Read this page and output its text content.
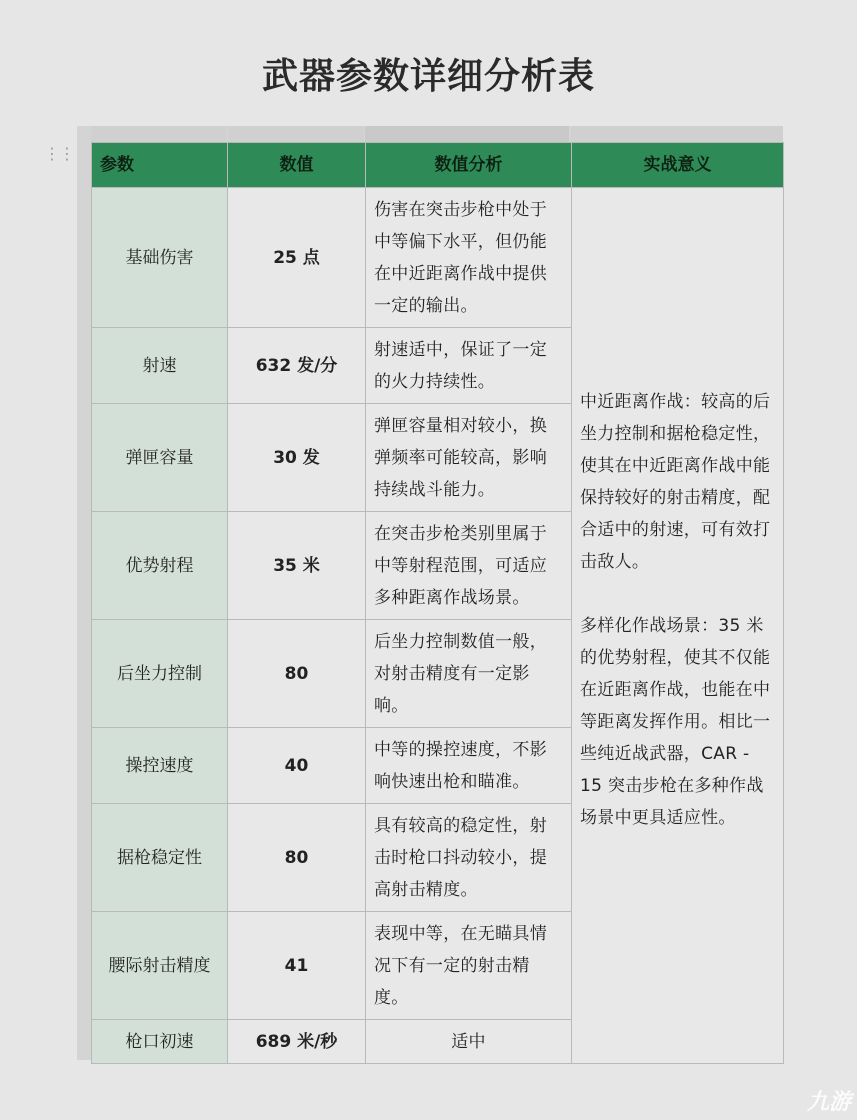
武器参数详细分析表
⋮⋮
参数	数值	数值分析	实战意义
基础伤害	25 点	伤害在突击步枪中处于中等偏下水平，但仍能在中近距离作战中提供一定的输出。	中近距离作战：较高的后坐力控制和据枪稳定性，使其在中近距离作战中能保持较好的射击精度，配合适中的射速，可有效打击敌人。

多样化作战场景：35 米的优势射程，使其不仅能在近距离作战，也能在中等距离发挥作用。相比一些纯近战武器，CAR - 15 突击步枪在多种作战场景中更具适应性。

射速	632 发/分	射速适中，保证了一定的火力持续性。	
弹匣容量	30 发	弹匣容量相对较小，换弹频率可能较高，影响持续战斗能力。	
优势射程	35 米	在突击步枪类别里属于中等射程范围，可适应多种距离作战场景。	
后坐力控制	80	后坐力控制数值一般，对射击精度有一定影响。	
操控速度	40	中等的操控速度，不影响快速出枪和瞄准。	
据枪稳定性	80	具有较高的稳定性，射击时枪口抖动较小，提高射击精度。	
腰际射击精度	41	表现中等，在无瞄具情况下有一定的射击精度。	
枪口初速	689 米/秒	适中	
九游
